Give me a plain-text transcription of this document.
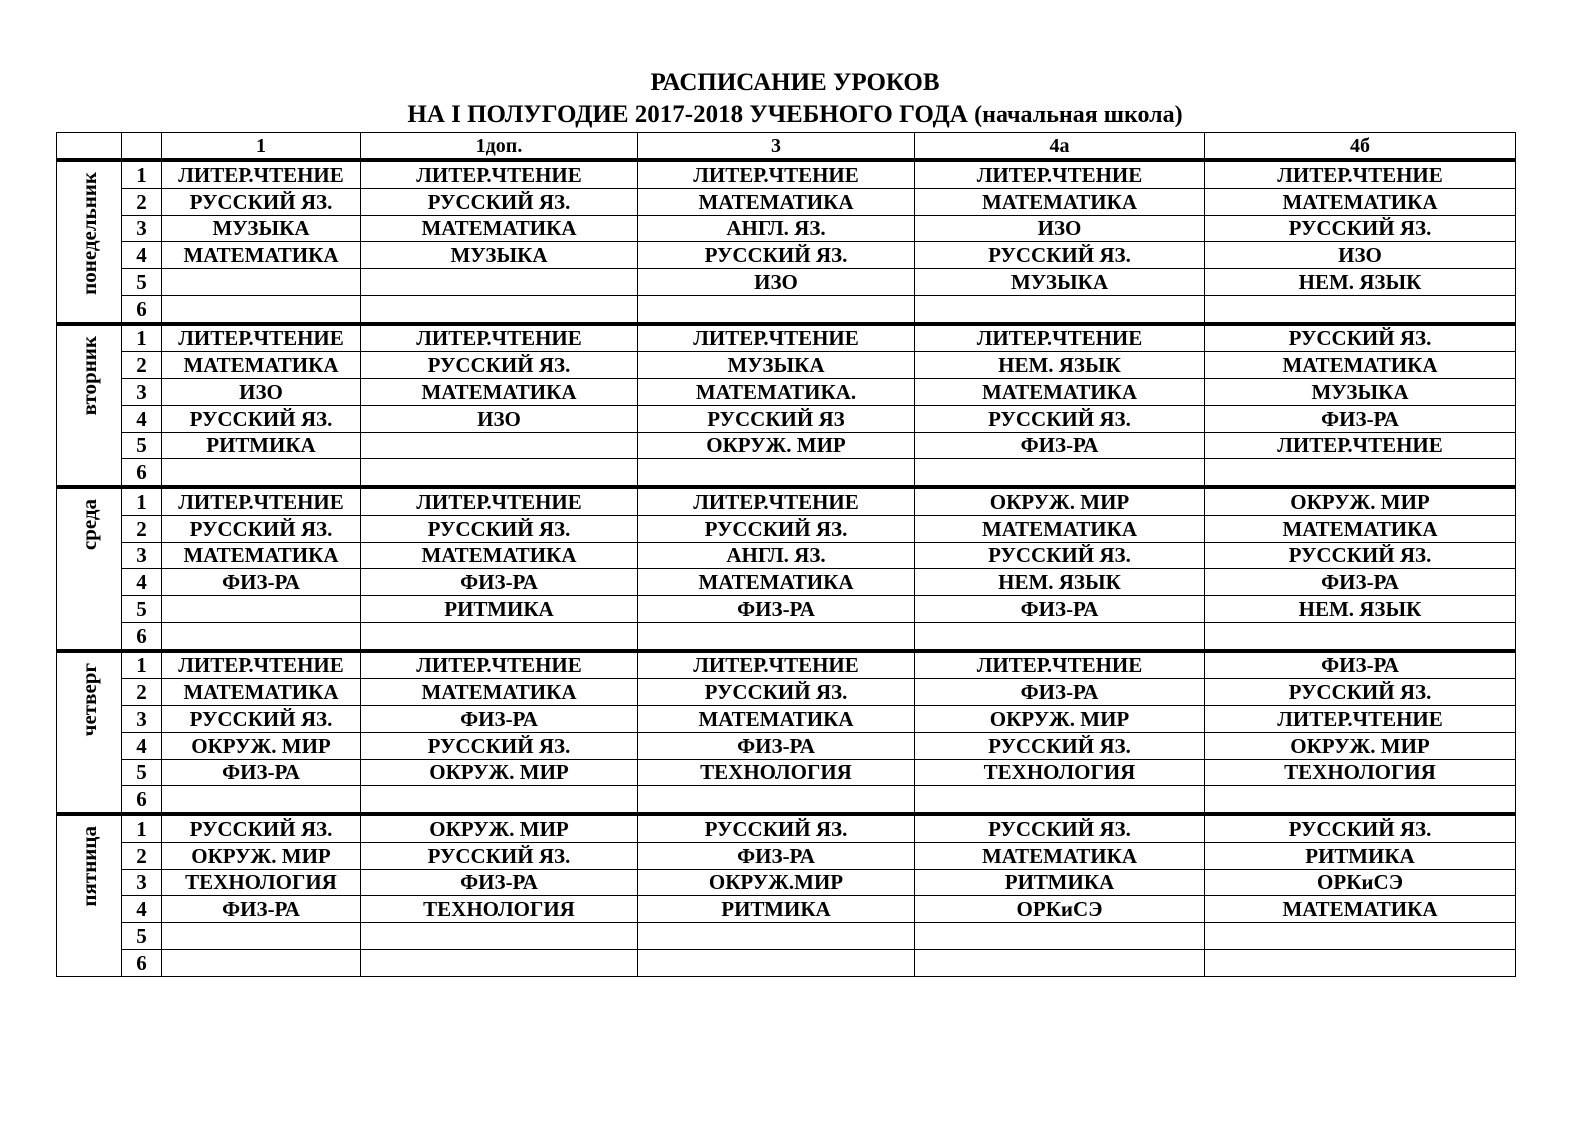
РАСПИСАНИЕ УРОКОВ
НА I ПОЛУГОДИЕ 2017-2018 УЧЕБНОГО ГОДА (начальная школа)
		1	1доп.	3	4а	4б

понедельник	1	ЛИТЕР.ЧТЕНИЕ	ЛИТЕР.ЧТЕНИЕ	ЛИТЕР.ЧТЕНИЕ	ЛИТЕР.ЧТЕНИЕ	ЛИТЕР.ЧТЕНИЕ
	2	РУССКИЙ ЯЗ.	РУССКИЙ ЯЗ.	МАТЕМАТИКА	МАТЕМАТИКА	МАТЕМАТИКА
	3	МУЗЫКА	МАТЕМАТИКА	АНГЛ. ЯЗ.	ИЗО	РУССКИЙ ЯЗ.
	4	МАТЕМАТИКА	МУЗЫКА	РУССКИЙ ЯЗ.	РУССКИЙ ЯЗ.	ИЗО
	5			ИЗО	МУЗЫКА	НЕМ. ЯЗЫК
	6					

вторник	1	ЛИТЕР.ЧТЕНИЕ	ЛИТЕР.ЧТЕНИЕ	ЛИТЕР.ЧТЕНИЕ	ЛИТЕР.ЧТЕНИЕ	РУССКИЙ ЯЗ.
	2	МАТЕМАТИКА	РУССКИЙ ЯЗ.	МУЗЫКА	НЕМ. ЯЗЫК	МАТЕМАТИКА
	3	ИЗО	МАТЕМАТИКА	МАТЕМАТИКА.	МАТЕМАТИКА	МУЗЫКА
	4	РУССКИЙ ЯЗ.	ИЗО	РУССКИЙ ЯЗ	РУССКИЙ ЯЗ.	ФИЗ-РА
	5	РИТМИКА		ОКРУЖ. МИР	ФИЗ-РА	ЛИТЕР.ЧТЕНИЕ
	6					

среда	1	ЛИТЕР.ЧТЕНИЕ	ЛИТЕР.ЧТЕНИЕ	ЛИТЕР.ЧТЕНИЕ	ОКРУЖ. МИР	ОКРУЖ. МИР
	2	РУССКИЙ ЯЗ.	РУССКИЙ ЯЗ.	РУССКИЙ ЯЗ.	МАТЕМАТИКА	МАТЕМАТИКА
	3	МАТЕМАТИКА	МАТЕМАТИКА	АНГЛ. ЯЗ.	РУССКИЙ ЯЗ.	РУССКИЙ ЯЗ.
	4	ФИЗ-РА	ФИЗ-РА	МАТЕМАТИКА	НЕМ. ЯЗЫК	ФИЗ-РА
	5		РИТМИКА	ФИЗ-РА	ФИЗ-РА	НЕМ. ЯЗЫК
	6					

четверг	1	ЛИТЕР.ЧТЕНИЕ	ЛИТЕР.ЧТЕНИЕ	ЛИТЕР.ЧТЕНИЕ	ЛИТЕР.ЧТЕНИЕ	ФИЗ-РА
	2	МАТЕМАТИКА	МАТЕМАТИКА	РУССКИЙ ЯЗ.	ФИЗ-РА	РУССКИЙ ЯЗ.
	3	РУССКИЙ ЯЗ.	ФИЗ-РА	МАТЕМАТИКА	ОКРУЖ. МИР	ЛИТЕР.ЧТЕНИЕ
	4	ОКРУЖ. МИР	РУССКИЙ ЯЗ.	ФИЗ-РА	РУССКИЙ ЯЗ.	ОКРУЖ. МИР
	5	ФИЗ-РА	ОКРУЖ. МИР	ТЕХНОЛОГИЯ	ТЕХНОЛОГИЯ	ТЕХНОЛОГИЯ
	6					

пятница	1	РУССКИЙ ЯЗ.	ОКРУЖ. МИР	РУССКИЙ ЯЗ.	РУССКИЙ ЯЗ.	РУССКИЙ ЯЗ.
	2	ОКРУЖ. МИР	РУССКИЙ ЯЗ.	ФИЗ-РА	МАТЕМАТИКА	РИТМИКА
	3	ТЕХНОЛОГИЯ	ФИЗ-РА	ОКРУЖ.МИР	РИТМИКА	ОРКиСЭ
	4	ФИЗ-РА	ТЕХНОЛОГИЯ	РИТМИКА	ОРКиСЭ	МАТЕМАТИКА
	5					
	6					
